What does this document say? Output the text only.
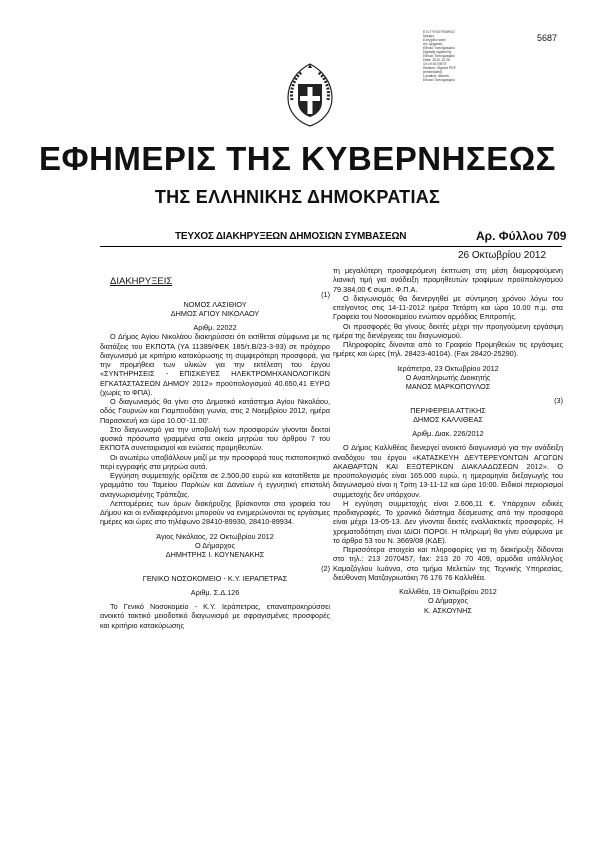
Ε.Ν.ΤΥΠΟΓΡΑΦΕΙΟ
Νόμιμο
Ελεγχθέν κατά
την ψηφιακή
Εθνικό Τυπογραφείο
Digitally signed by
Εθνικό Τυπογραφείο
Date: 2012.10.26
10:19:04 EEST
Reason: Signed PDF
(embedded)
Location: Athens
Εθνικό Τυπογραφείο
5687
ΕΦΗΜΕΡΙΣ ΤΗΣ ΚΥΒΕΡΝΗΣΕΩΣ
ΤΗΣ ΕΛΛΗΝΙΚΗΣ ΔΗΜΟΚΡΑΤΙΑΣ
ΤΕΥΧΟΣ ΔΙΑΚΗΡΥΞΕΩΝ ΔΗΜΟΣΙΩΝ ΣΥΜΒΑΣΕΩΝ	Αρ. Φύλλου 709
26 Οκτωβρίου 2012

ΔΙΑΚΗΡΥΞΕΙΣ

(1)

ΝΟΜΟΣ ΛΑΣΙΘΙΟΥ

ΔΗΜΟΣ ΑΓΙΟΥ ΝΙΚΟΛΑΟΥ

Αριθμ. 22022

Ο Δήμος Αγίου Νικολάου διακηρύσσει ότι εκτίθεται σύμφωνα με τις διατάξεις του ΕΚΠΟΤΑ (ΥΑ 11389/ΦΕΚ 185/τ.Β/23-3-93) σε πρόχειρο διαγωνισμό με κριτήριο κατακύρωσης τη συμφερότερη προσφορά, για την προμήθεια των υλικών για την εκτέλεση του έργου «ΣΥΝΤΗΡΗΣΕΙΣ - ΕΠΙΣΚΕΥΕΣ ΗΛΕΚΤΡΟΜΗΧΑΝΟΛΟΓΙΚΩΝ ΕΓΚΑΤΑΣΤΑΣΕΩΝ ΔΗΜΟΥ 2012» προϋπολογισμού 40.650,41 ΕΥΡΩ (χωρίς το ΦΠΑ).

Ο διαγωνισμός θα γίνει στο Δημοτικό κατάστημα Αγίου Νικολάου, οδός Γουρνών και Γιαμπουδάκη γωνία, στις 2 Νοεμβρίου 2012, ημέρα Παρασκευή και ώρα 10.00'-11.00'.

Στο διαγωνισμό για την υποβολή των προσφορών γίνονται δεκτοί φυσικά πρόσωπα γραμμένα στα οικεία μητρώα του άρθρου 7 του ΕΚΠΟΤΑ συνεταιρισμοί και ενώσεις προμηθευτών.

Οι ανωτέρω υποβάλλουν μαζί με την προσφορά τους πιστοποιητικό περί εγγραφής στα μητρώα αυτά.

Εγγύηση συμμετοχής ορίζεται σε 2.500,00 ευρώ και κατατίθεται με γραμμάτιο του Ταμείου Παρ/κών και Δανείων ή εγγυητική επιστολή αναγνωρισμένης Τράπεζας.

Λεπτομέρειες των όρων διακήρυξης βρίσκονται στα γραφεία του Δήμου και οι ενδιαφερόμενοι μπορούν να ενημερώνονται τις εργάσιμες ημέρες και ώρες στο τηλέφωνο 28410-89930, 28410-89934.

Άγιος Νικόλαος, 22 Οκτωβρίου 2012

Ο Δήμαρχος

ΔΗΜΗΤΡΗΣ Ι. ΚΟΥΝΕΝΑΚΗΣ

(2)

ΓΕΝΙΚΟ ΝΟΣΟΚΟΜΕΙΟ - Κ.Υ. ΙΕΡΑΠΕΤΡΑΣ

Αριθμ. Σ.Δ.126

Το Γενικό Νοσοκομείο - Κ.Υ. Ιεράπετρας, επαναπροκηρύσσει ανοικτό τακτικό μειοδοτικό διαγωνισμό με σφραγισμένες προσφορές και κριτήριο κατακύρωσης

τη μεγαλύτερη προσφερόμενη έκπτωση στη μέση διαμορφούμενη λιανική τιμή για ανάδειξη προμηθευτών τροφίμων προϋπολογισμού 79.384,00 € συμπ. Φ.Π.Α.

Ο διαγωνισμός θα διενεργηθεί με σύντμηση χρόνου λόγω του επείγοντος στις 14-11-2012 ημέρα Τετάρτη και ώρα 10.00 π.μ. στα Γραφεία του Νοσοκομείου ενώπιον αρμόδιας Επιτροπής.

Οι προσφορές θα γίνους δεκτές μέχρι την προηγούμενη εργάσιμη ημέρα της διενέργειας του διαγωνισμού.

Πληροφορίες δίνονται από το Γραφείο Προμηθειών τις εργάσιμες ημέρες και ώρες (τηλ. 28423-40104). (Fax 28420-25290).

Ιεράπετρα, 23 Οκτωβρίου 2012

Ο Αναπληρωτής Διοικητής

ΜΑΝΟΣ ΜΑΡΚΟΠΟΥΛΟΣ

(3)

ΠΕΡΙΦΕΡΕΙΑ ΑΤΤΙΚΗΣ

ΔΗΜΟΣ ΚΑΛΛΙΘΕΑΣ

Αριθμ. Διακ. 226/2012

Ο Δήμος Καλλιθέας διενεργεί ανοικτό διαγωνισμό για την ανάδειξη αναδόχου του έργου «ΚΑΤΑΣΚΕΥΗ ΔΕΥΤΕΡΕΥΟΝΤΩΝ ΑΓΩΓΩΝ ΑΚΑΘΑΡΤΩΝ ΚΑΙ ΕΞΩΤΕΡΙΚΩΝ ΔΙΑΚΛΑΔΩΣΕΩΝ 2012». Ο προϋπολογισμός είναι 165.000 ευρώ, η ημερομηνία διεξαγωγής του διαγωνισμού είναι η Τρίτη 13-11-12 και ώρα 10:00. Ειδικοί περιορισμοί συμμετοχής δεν υπάρχουν.

Η εγγύηση συμμετοχής είναι 2.606,11 €. Υπάρχουν ειδικές προδιαγραφές. Το χρονικό διάστημα δέσμευσης από την προσφορά είναι μέχρι 13-05-13. Δεν γίνονται δεκτές εναλλακτικές προσφορές. Η χρηματοδότηση είναι ΙΔΙΟΙ ΠΟΡΟΙ. Η πληρωμή θα γίνει σύμφωνα με το άρθρο 53 του Ν. 3669/08 (ΚΔΕ).

Περισσότερα στοιχεία και πληροφορίες για τη διακήρυξη δίδονται στο τηλ.: 213 2070457, fax: 213 20 70 409, αρμόδια υπάλληλος Καμαζόγλου Ιωάννα, στο τμήμα Μελετών της Τεχνικής Υπηρεσίας, διεύθυνση Ματζαγριωτάκη 76 176 76 Καλλιθέα.

Καλλιθέα, 19 Οκτωβρίου 2012

Ο Δήμαρχος

Κ. ΑΣΚΟΥΝΗΣ
